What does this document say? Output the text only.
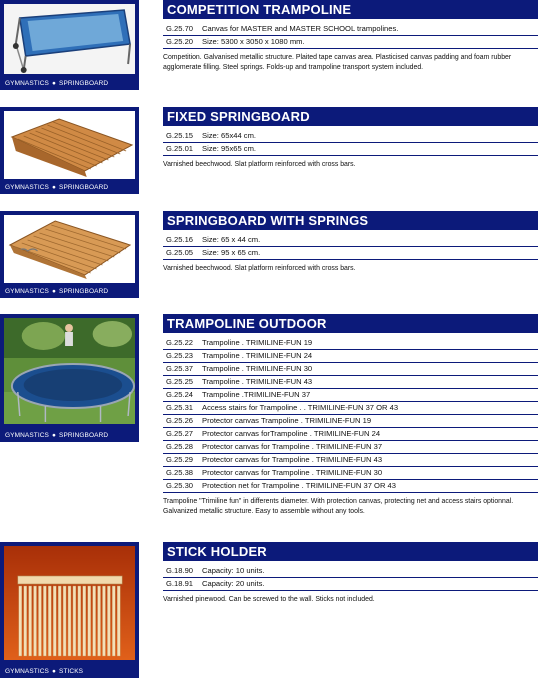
GYMNASTICS ● SPRINGBOARD
COMPETITION TRAMPOLINE
G.25.70 Canvas for MASTER and MASTER SCHOOL trampolines.
G.25.20 Size: 5300 x 3050 x 1080 mm.
Competition. Galvanised metallic structure. Plaited tape canvas area. Plasticised canvas padding and foam rubber agglomerate filling. Steel springs. Folds-up and trampoline transport system included.
GYMNASTICS ● SPRINGBOARD
FIXED SPRINGBOARD
G.25.15 Size: 65x44 cm.
G.25.01 Size: 95x65 cm.
Varnished beechwood. Slat platform reinforced with cross bars.
GYMNASTICS ● SPRINGBOARD
SPRINGBOARD WITH SPRINGS
G.25.16 Size: 65 x 44 cm.
G.25.05 Size: 95 x 65 cm.
Varnished beechwood. Slat platform reinforced with cross bars.
GYMNASTICS ● SPRINGBOARD
TRAMPOLINE OUTDOOR
G.25.22 Trampoline . TRIMILINE-FUN 19
G.25.23 Trampoline . TRIMILINE-FUN 24
G.25.37 Trampoline . TRIMILINE-FUN 30
G.25.25 Trampoline . TRIMILINE-FUN 43
G.25.24 Trampoline .TRIMILINE-FUN 37
G.25.31 Access stairs for Trampoline . . TRIMILINE-FUN 37 OR 43
G.25.26 Protector canvas Trampoline . TRIMILINE-FUN 19
G.25.27 Protector canvas forTrampoline . TRIMILINE-FUN 24
G.25.28 Protector canvas for Trampoline . TRIMILINE-FUN 37
G.25.29 Protector canvas for Trampoline . TRIMILINE-FUN 43
G.25.38 Protector canvas for Trampoline . TRIMILINE-FUN 30
G.25.30 Protection net for Trampoline . TRIMILINE-FUN 37 OR 43
Trampoline "Trimiline fun" in differents diameter. With protection canvas, protecting net and access stairs optionnal. Galvanized metallic structure. Easy to assemble without any tools.
GYMNASTICS ● STICKS
STICK HOLDER
G.18.90 Capacity: 10 units.
G.18.91 Capacity: 20 units.
Varnished pinewood. Can be screwed to the wall. Sticks not included.
